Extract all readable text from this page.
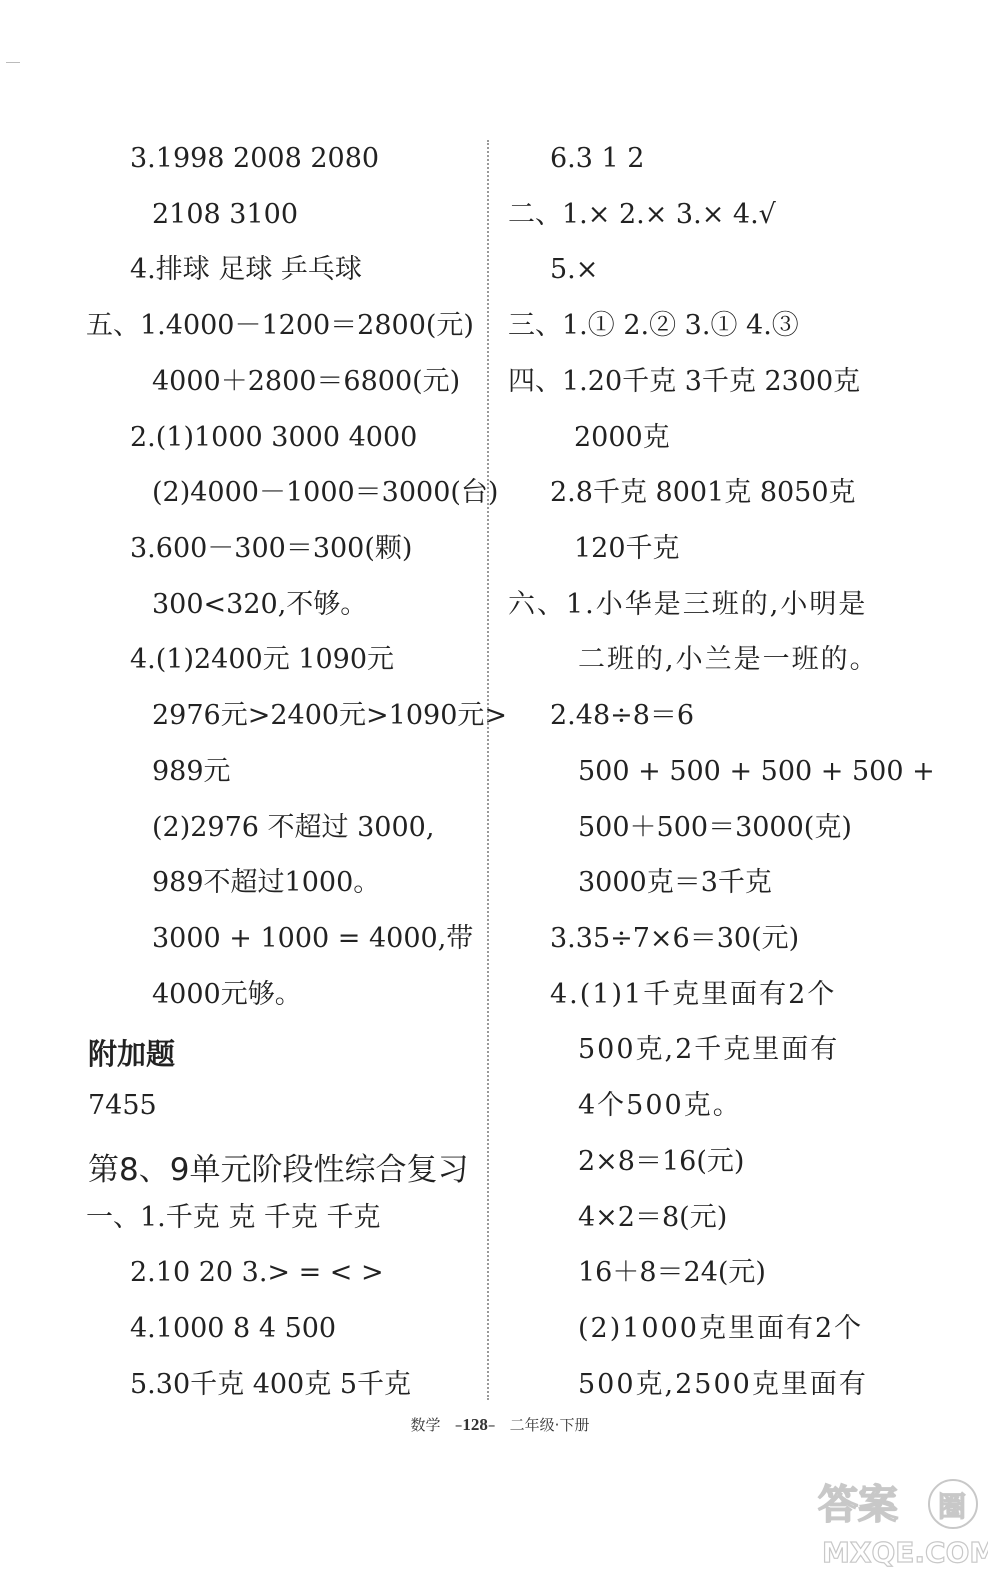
3.1998 2008 2080
2108 3100
4.排球 足球 乒乓球
五、1.4000－1200＝2800(元)
4000＋2800＝6800(元)
2.(1)1000 3000 4000
(2)4000－1000＝3000(台)
3.600－300＝300(颗)
300<320,不够。
4.(1)2400元 1090元
2976元>2400元>1090元>
989元
(2)2976 不超过 3000,
989不超过1000。
3000 + 1000 = 4000,带
4000元够。
附加题
7455
第8、9单元阶段性综合复习
一、1.千克 克 千克 千克
2.10 20 3.> = < >
4.1000 8 4 500
5.30千克 400克 5千克
6.3 1 2
二、1.× 2.× 3.× 4.√
5.×
三、1.① 2.② 3.① 4.③
四、1.20千克 3千克 2300克
2000克
2.8千克 8001克 8050克
120千克
六、1.小华是三班的,小明是
二班的,小兰是一班的。
2.48÷8＝6
500 + 500 + 500 + 500 +
500＋500＝3000(克)
3000克＝3千克
3.35÷7×6＝30(元)
4.(1)1千克里面有2个
500克,2千克里面有
4个500克。
2×8＝16(元)
4×2＝8(元)
16＋8＝24(元)
(2)1000克里面有2个
500克,2500克里面有
数学   –128–   二年级·下册
答案 圈
MXQE.COM
